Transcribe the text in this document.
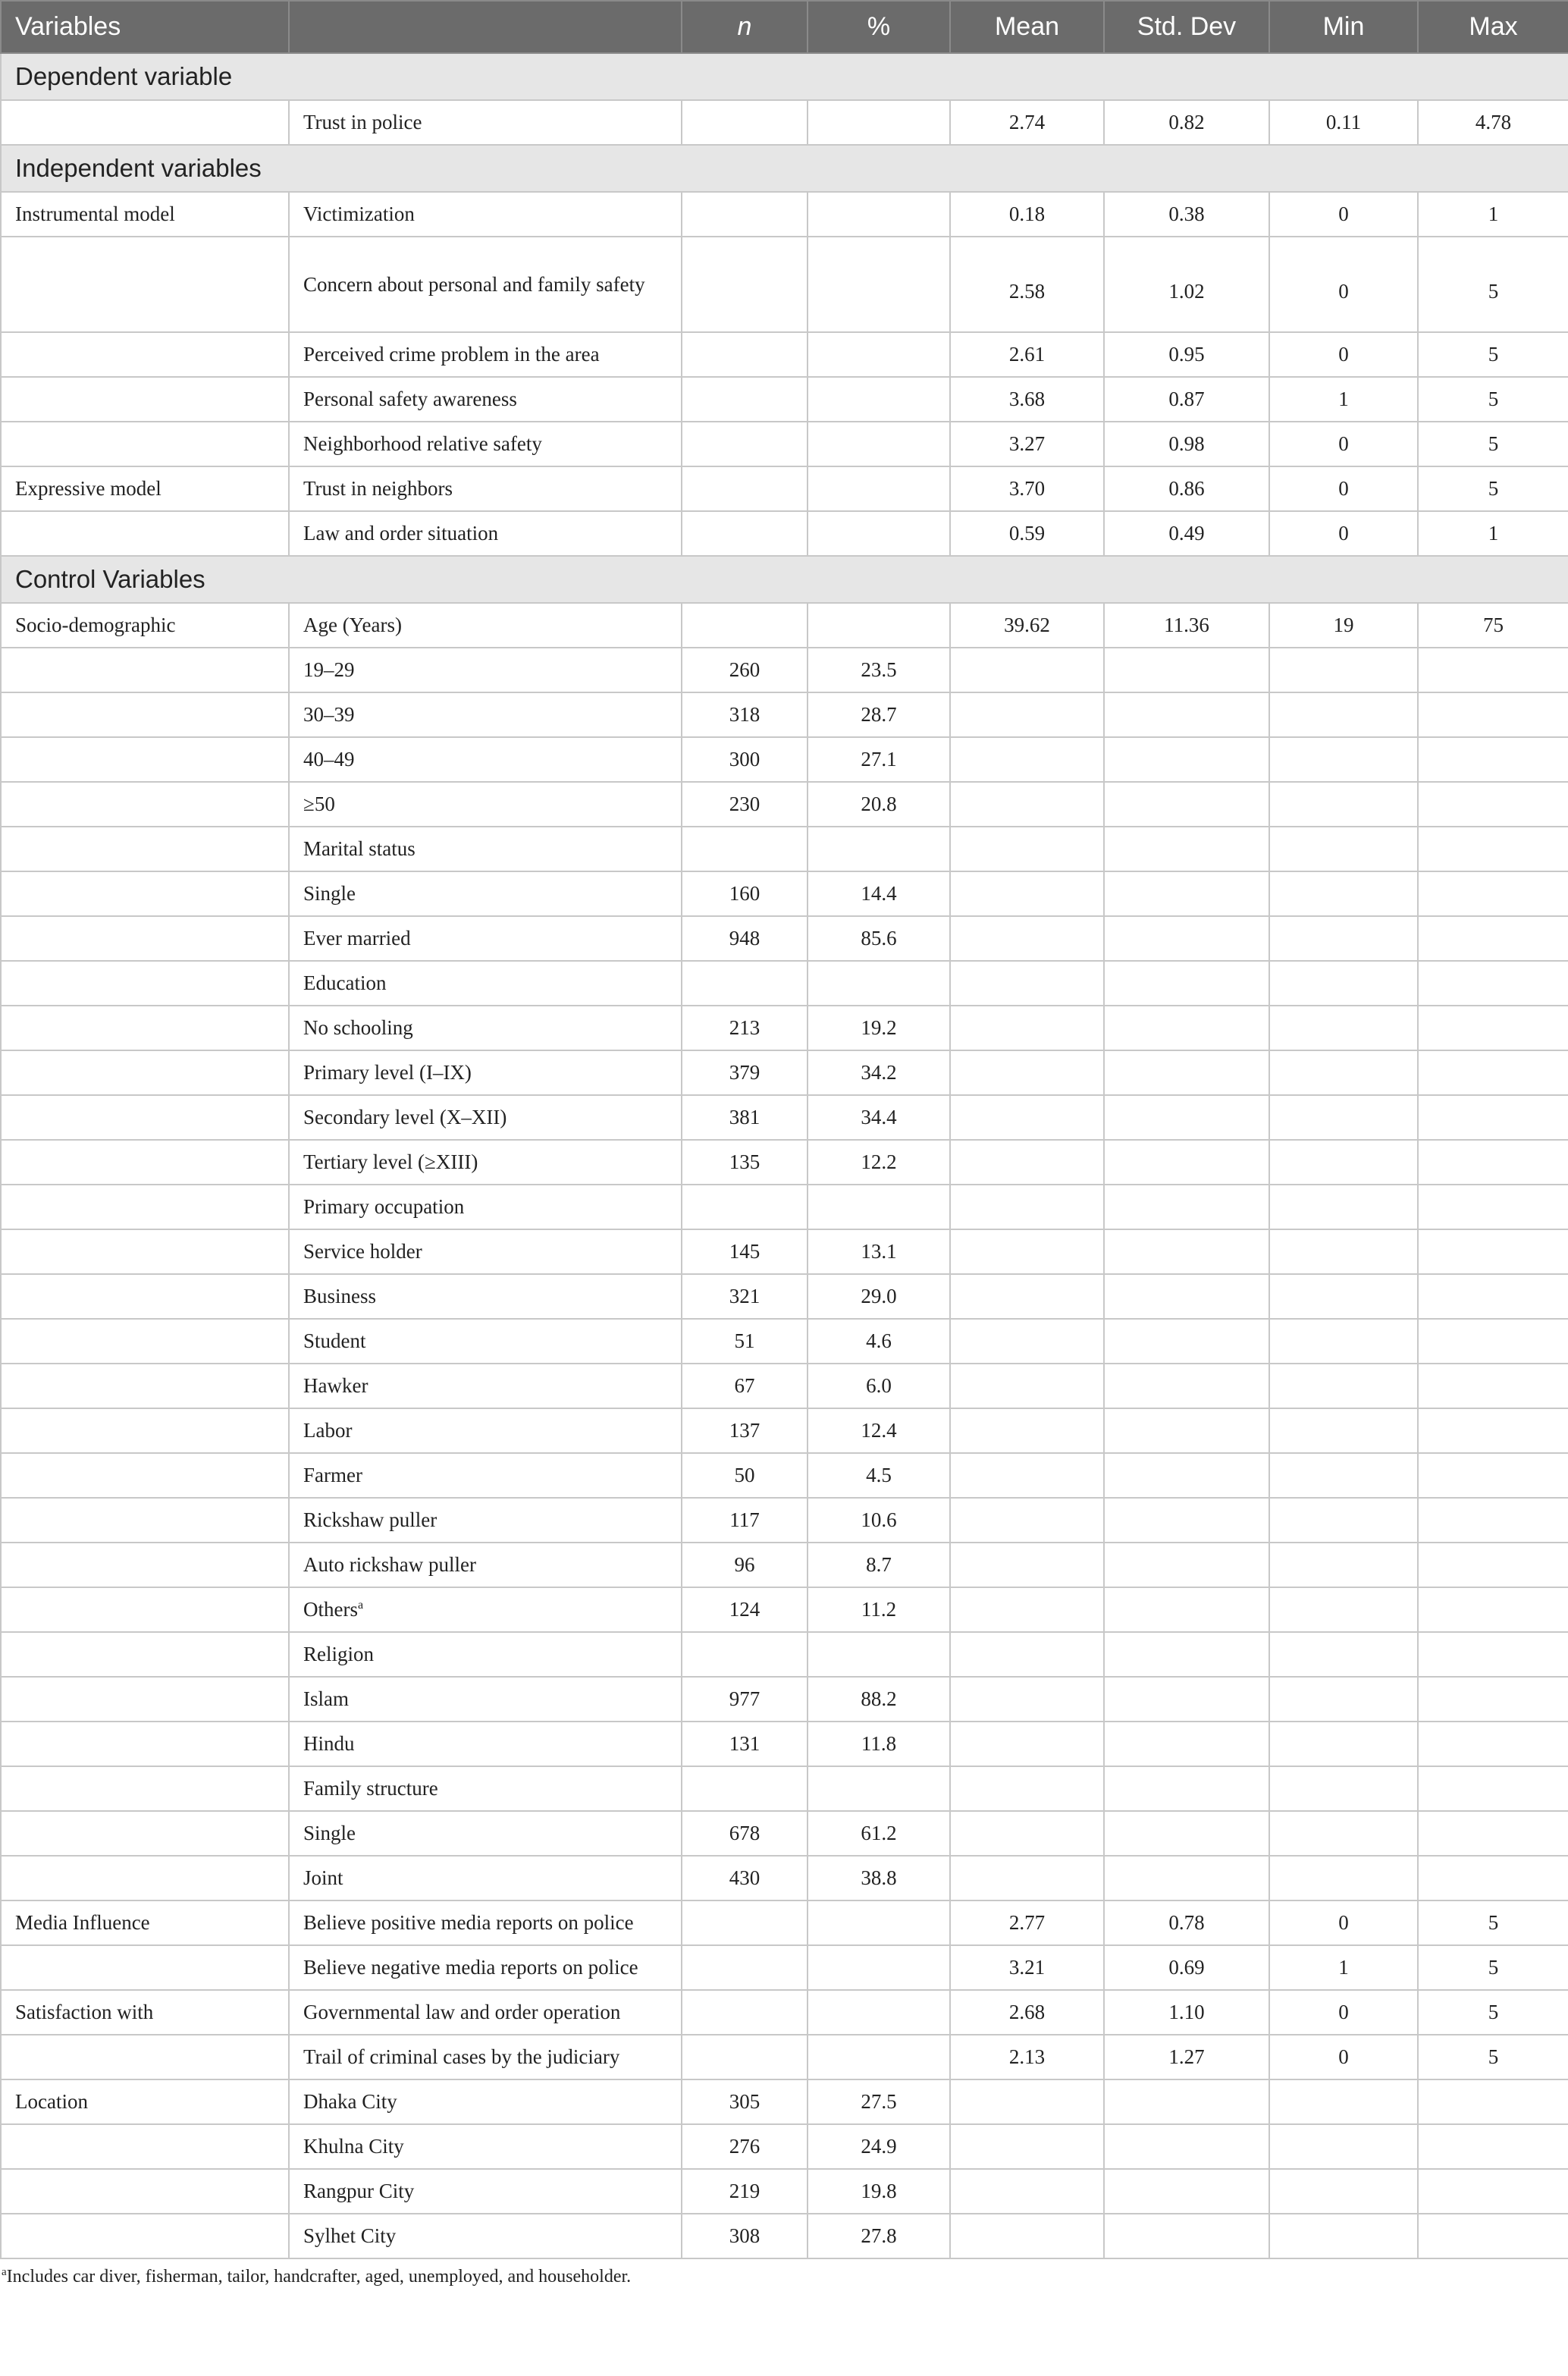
Variables		n	%	Mean	Std. Dev	Min	Max
Dependent variable							
	Trust in police			2.74	0.82	0.11	4.78
Independent variables							
Instrumental model	Victimization			0.18	0.38	0	1
	Concern about personal and family safety			2.58	1.02	0	5
	Perceived crime problem in the area			2.61	0.95	0	5
	Personal safety awareness			3.68	0.87	1	5
	Neighborhood relative safety			3.27	0.98	0	5
Expressive model	Trust in neighbors			3.70	0.86	0	5
	Law and order situation			0.59	0.49	0	1
Control Variables							
Socio-demographic	Age (Years)			39.62	11.36	19	75
	19–29	260	23.5				
	30–39	318	28.7				
	40–49	300	27.1				
	≥50	230	20.8				
	Marital status						
	Single	160	14.4				
	Ever married	948	85.6				
	Education						
	No schooling	213	19.2				
	Primary level (I–IX)	379	34.2				
	Secondary level (X–XII)	381	34.4				
	Tertiary level (≥XIII)	135	12.2				
	Primary occupation						
	Service holder	145	13.1				
	Business	321	29.0				
	Student	51	4.6				
	Hawker	67	6.0				
	Labor	137	12.4				
	Farmer	50	4.5				
	Rickshaw puller	117	10.6				
	Auto rickshaw puller	96	8.7				
	Others$^a$	124	11.2				
	Religion						
	Islam	977	88.2				
	Hindu	131	11.8				
	Family structure						
	Single	678	61.2				
	Joint	430	38.8				
Media Influence	Believe positive media reports on police			2.77	0.78	0	5
	Believe negative media reports on police			3.21	0.69	1	5
Satisfaction with	Governmental law and order operation			2.68	1.10	0	5
	Trail of criminal cases by the judiciary			2.13	1.27	0	5
Location	Dhaka City	305	27.5				
	Khulna City	276	24.9				
	Rangpur City	219	19.8				
	Sylhet City	308	27.8				
$^a$Includes car diver, fisherman, tailor, handcrafter, aged, unemployed, and householder.
